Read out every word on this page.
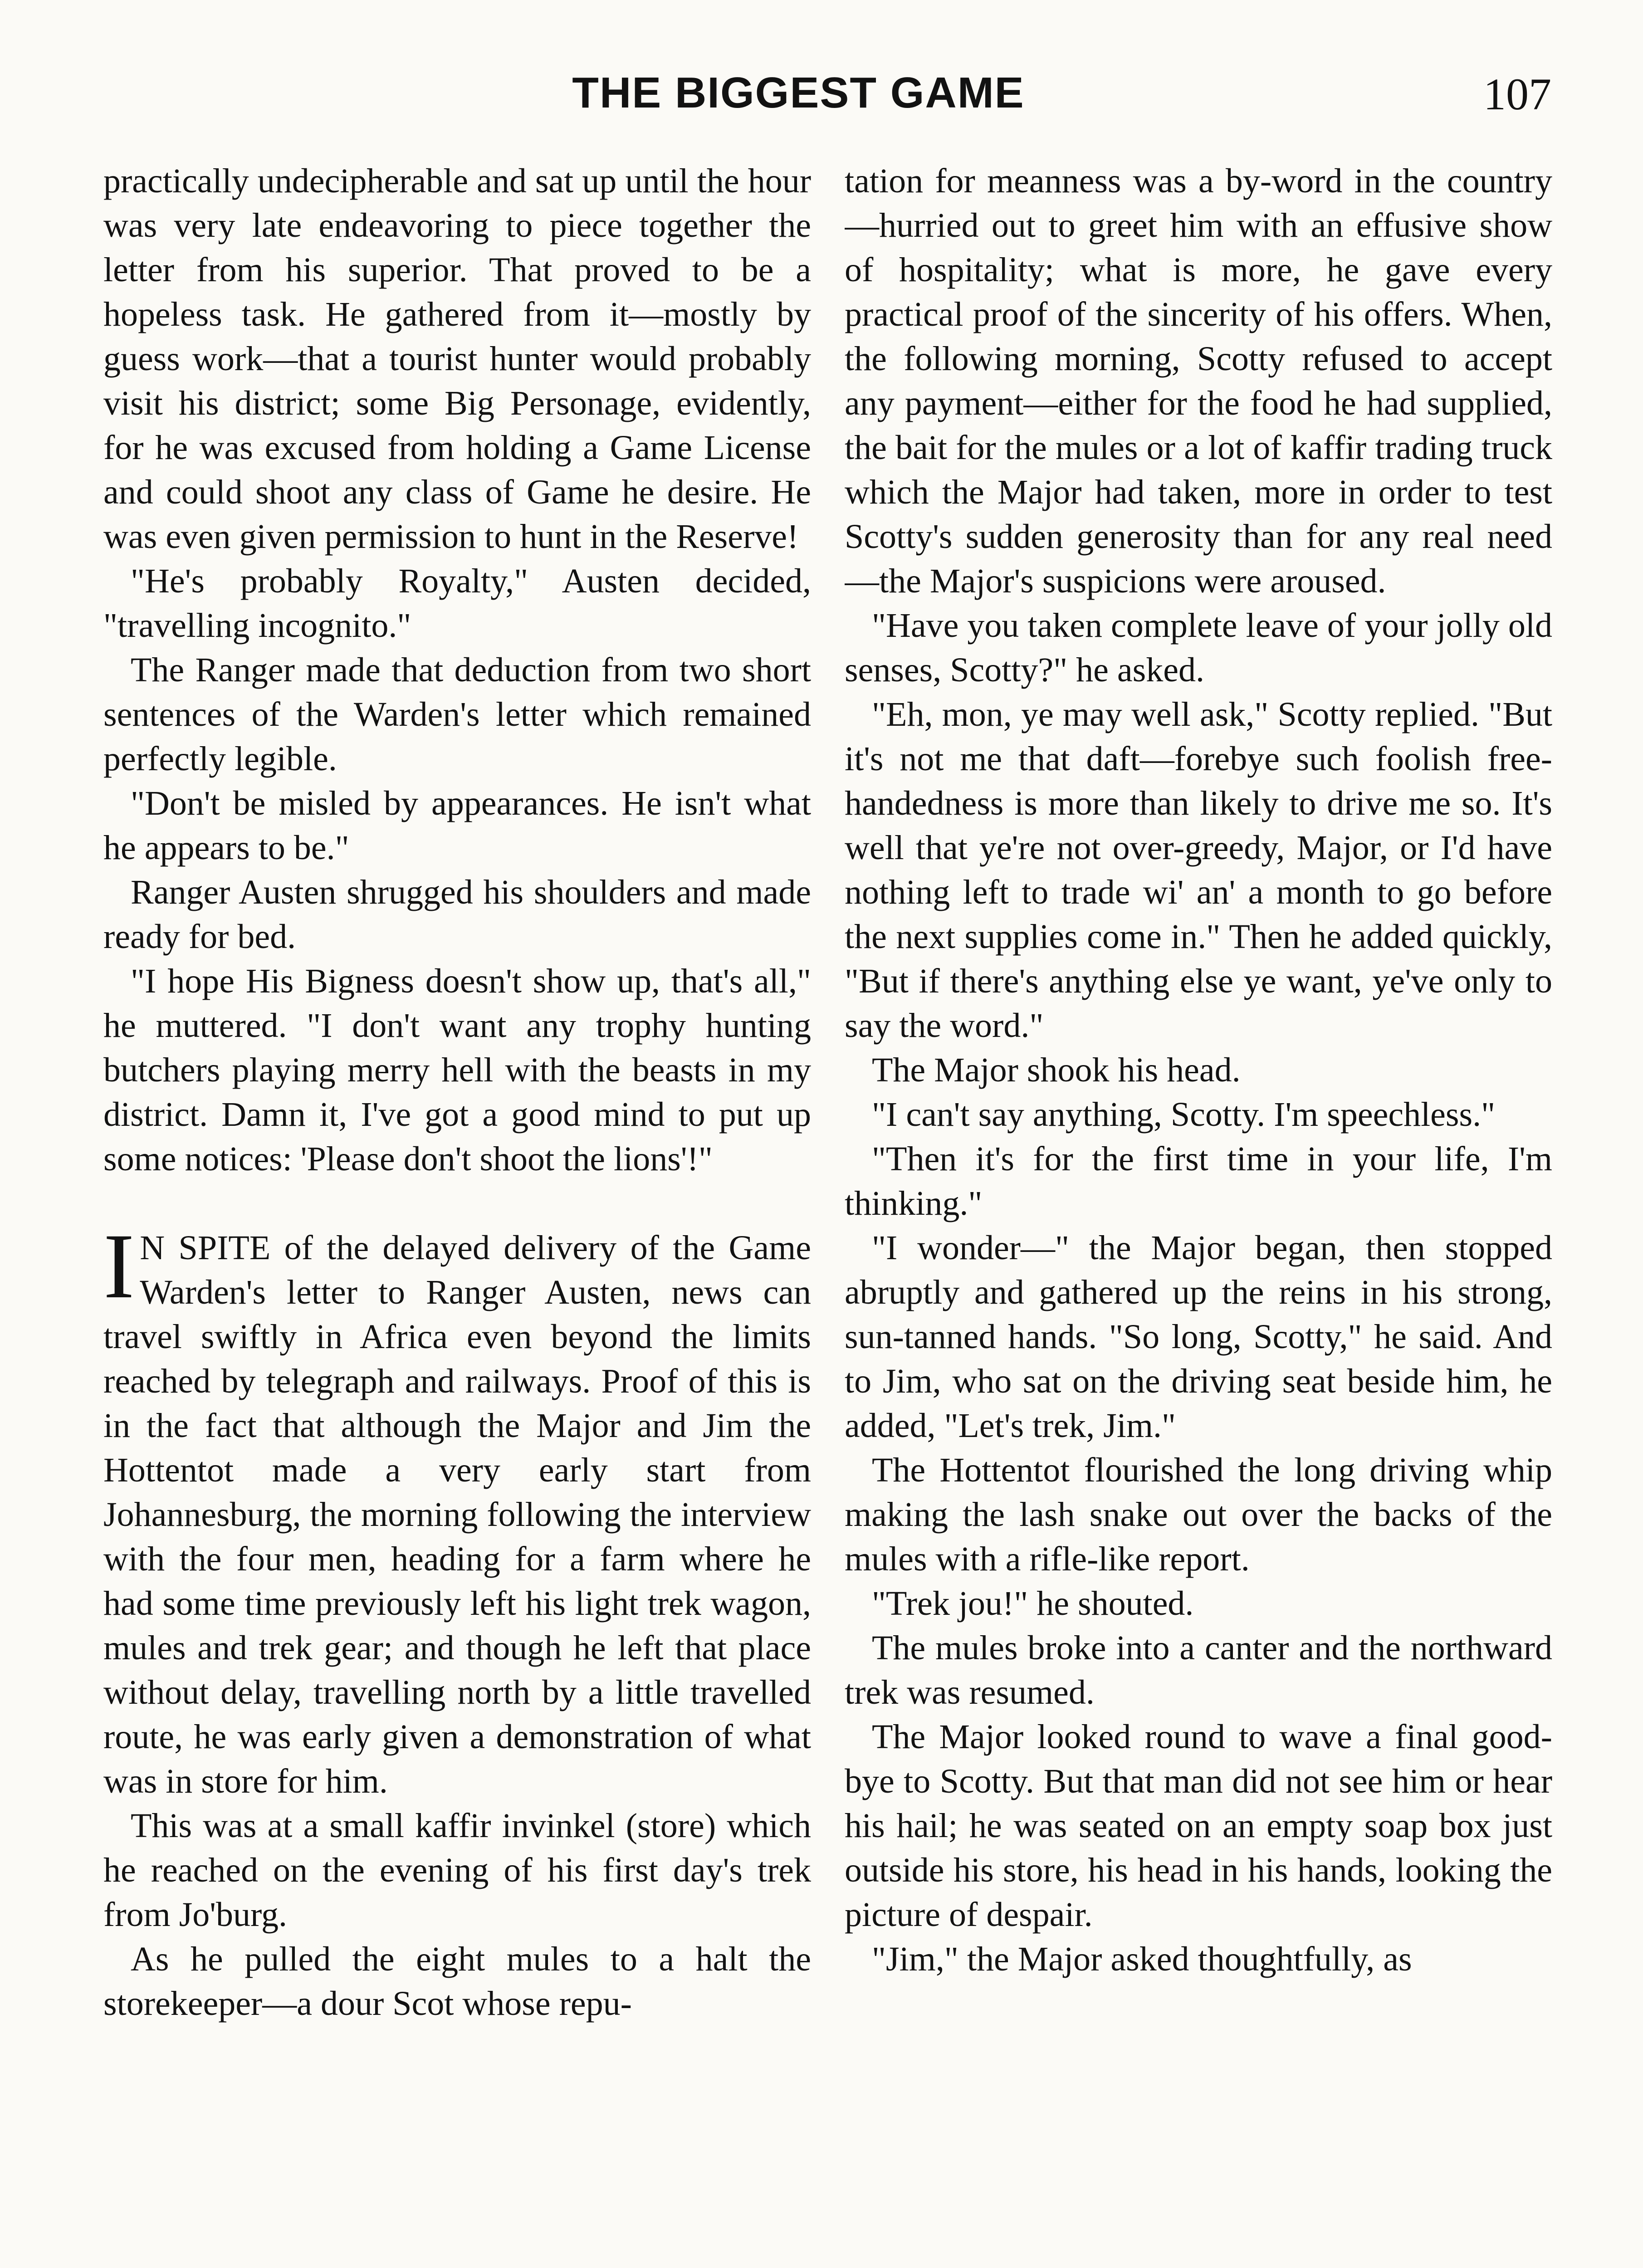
THE BIGGEST GAME	107

practically undecipherable and sat up until the hour was very late endeavoring to piece together the letter from his superior. That proved to be a hopeless task. He gathered from it—mostly by guess work—that a tourist hunter would probably visit his district; some Big Personage, evidently, for he was excused from holding a Game License and could shoot any class of Game he desire. He was even given permission to hunt in the Reserve!

"He's probably Royalty," Austen decided, "travelling incognito."

The Ranger made that deduction from two short sentences of the Warden's letter which remained perfectly legible.

"Don't be misled by appearances. He isn't what he appears to be."

Ranger Austen shrugged his shoulders and made ready for bed.

"I hope His Bigness doesn't show up, that's all," he muttered. "I don't want any trophy hunting butchers playing merry hell with the beasts in my district. Damn it, I've got a good mind to put up some notices: 'Please don't shoot the lions'!"

I N SPITE of the delayed delivery of the Game Warden's letter to Ranger Austen, news can travel swiftly in Africa even beyond the limits reached by telegraph and railways. Proof of this is in the fact that although the Major and Jim the Hottentot made a very early start from Johannesburg, the morning following the interview with the four men, heading for a farm where he had some time previously left his light trek wagon, mules and trek gear; and though he left that place without delay, travelling north by a little travelled route, he was early given a demonstration of what was in store for him.

This was at a small kaffir invinkel (store) which he reached on the evening of his first day's trek from Jo'burg.

As he pulled the eight mules to a halt the storekeeper—a dour Scot whose repu-

tation for meanness was a by-word in the country—hurried out to greet him with an effusive show of hospitality; what is more, he gave every practical proof of the sincerity of his offers. When, the following morning, Scotty refused to accept any payment—either for the food he had supplied, the bait for the mules or a lot of kaffir trading truck which the Major had taken, more in order to test Scotty's sudden generosity than for any real need—the Major's suspicions were aroused.

"Have you taken complete leave of your jolly old senses, Scotty?" he asked.

"Eh, mon, ye may well ask," Scotty replied. "But it's not me that daft—forebye such foolish free-handedness is more than likely to drive me so. It's well that ye're not over-greedy, Major, or I'd have nothing left to trade wi' an' a month to go before the next supplies come in." Then he added quickly, "But if there's anything else ye want, ye've only to say the word."

The Major shook his head.

"I can't say anything, Scotty. I'm speechless."

"Then it's for the first time in your life, I'm thinking."

"I wonder—" the Major began, then stopped abruptly and gathered up the reins in his strong, sun-tanned hands. "So long, Scotty," he said. And to Jim, who sat on the driving seat beside him, he added, "Let's trek, Jim."

The Hottentot flourished the long driving whip making the lash snake out over the backs of the mules with a rifle-like report.

"Trek jou!" he shouted.

The mules broke into a canter and the northward trek was resumed.

The Major looked round to wave a final good-bye to Scotty. But that man did not see him or hear his hail; he was seated on an empty soap box just outside his store, his head in his hands, looking the picture of despair.

"Jim," the Major asked thoughtfully, as
